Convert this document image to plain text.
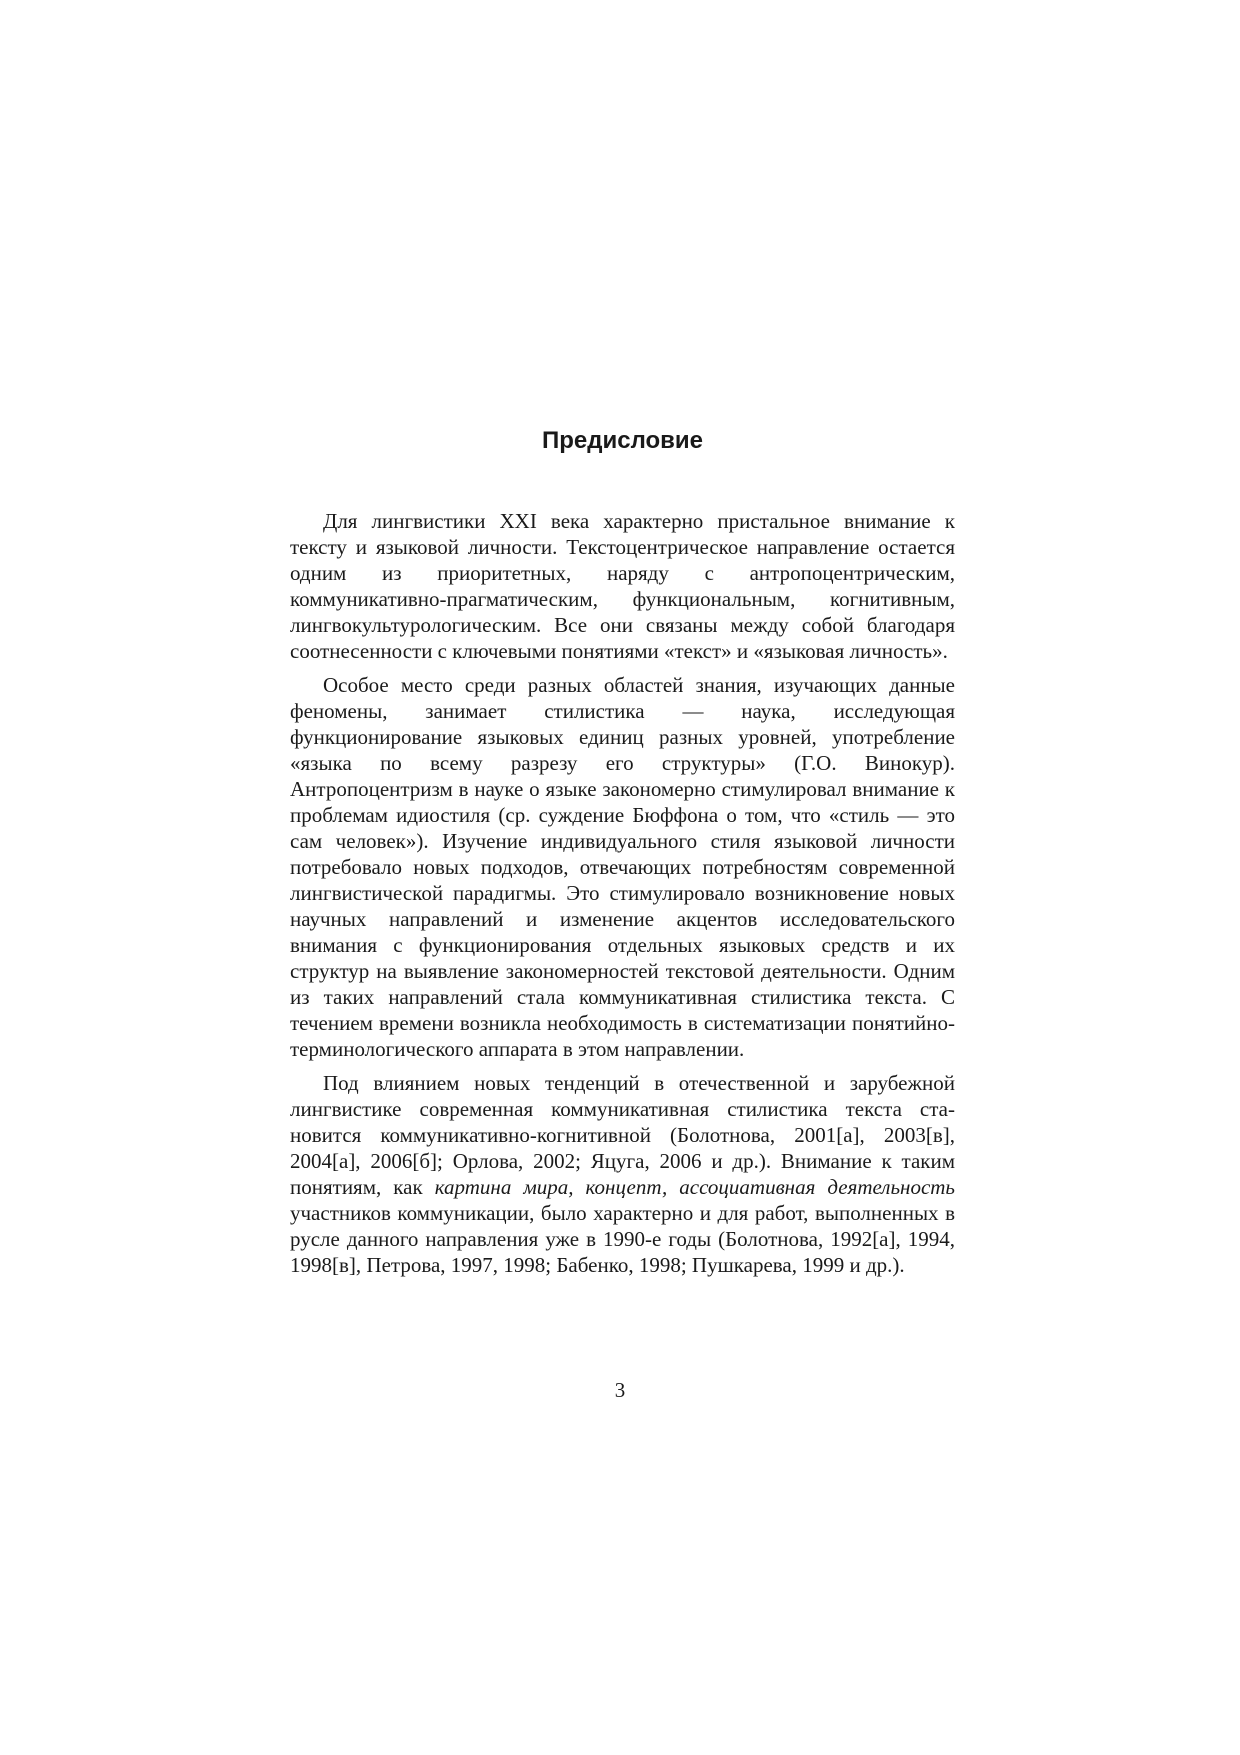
Предисловие

Для лингвистики XXI века характерно пристальное внимание к тексту и языковой личности. Текстоцентрическое направление остается одним из приоритетных, наряду с антропоцентрическим, коммуникативно-прагматическим, функциональным, когнитивным, лингвокультурологическим. Все они связаны между собой благодаря соотнесенности с ключевыми понятиями «текст» и «языковая личность».

Особое место среди разных областей знания, изучающих данные феномены, занимает стилистика — наука, исследующая функционирование языковых единиц разных уровней, употребление «языка по всему разрезу его структуры» (Г.О. Винокур). Антропоцентризм в науке о языке закономерно стимулировал внимание к проблемам идиостиля (ср. суждение Бюффона о том, что «стиль — это сам человек»). Изучение индивидуального стиля языковой личности потребовало новых подходов, отвечающих потребностям современной лингвистической парадигмы. Это стимулировало возникновение новых научных направлений и изменение акцентов исследовательского внимания с функционирования отдельных языковых средств и их структур на выявление закономерностей текстовой деятельности. Одним из таких направлений стала коммуникативная стилистика текста. С течением времени возникла необходимость в систематизации понятийно-терминологического аппарата в этом направлении.

Под влиянием новых тенденций в отечественной и зарубежной лингвистике современная коммуникативная стилистика текста становится коммуникативно-когнитивной (Болотнова, 2001[а], 2003[в], 2004[а], 2006[б]; Орлова, 2002; Яцуга, 2006 и др.). Внимание к таким понятиям, как картина мира, концепт, ассоциативная деятельность участников коммуникации, было характерно и для работ, выполненных в русле данного направления уже в 1990-е годы (Болотнова, 1992[а], 1994, 1998[в], Петрова, 1997, 1998; Бабенко, 1998; Пушкарева, 1999 и др.).

3
